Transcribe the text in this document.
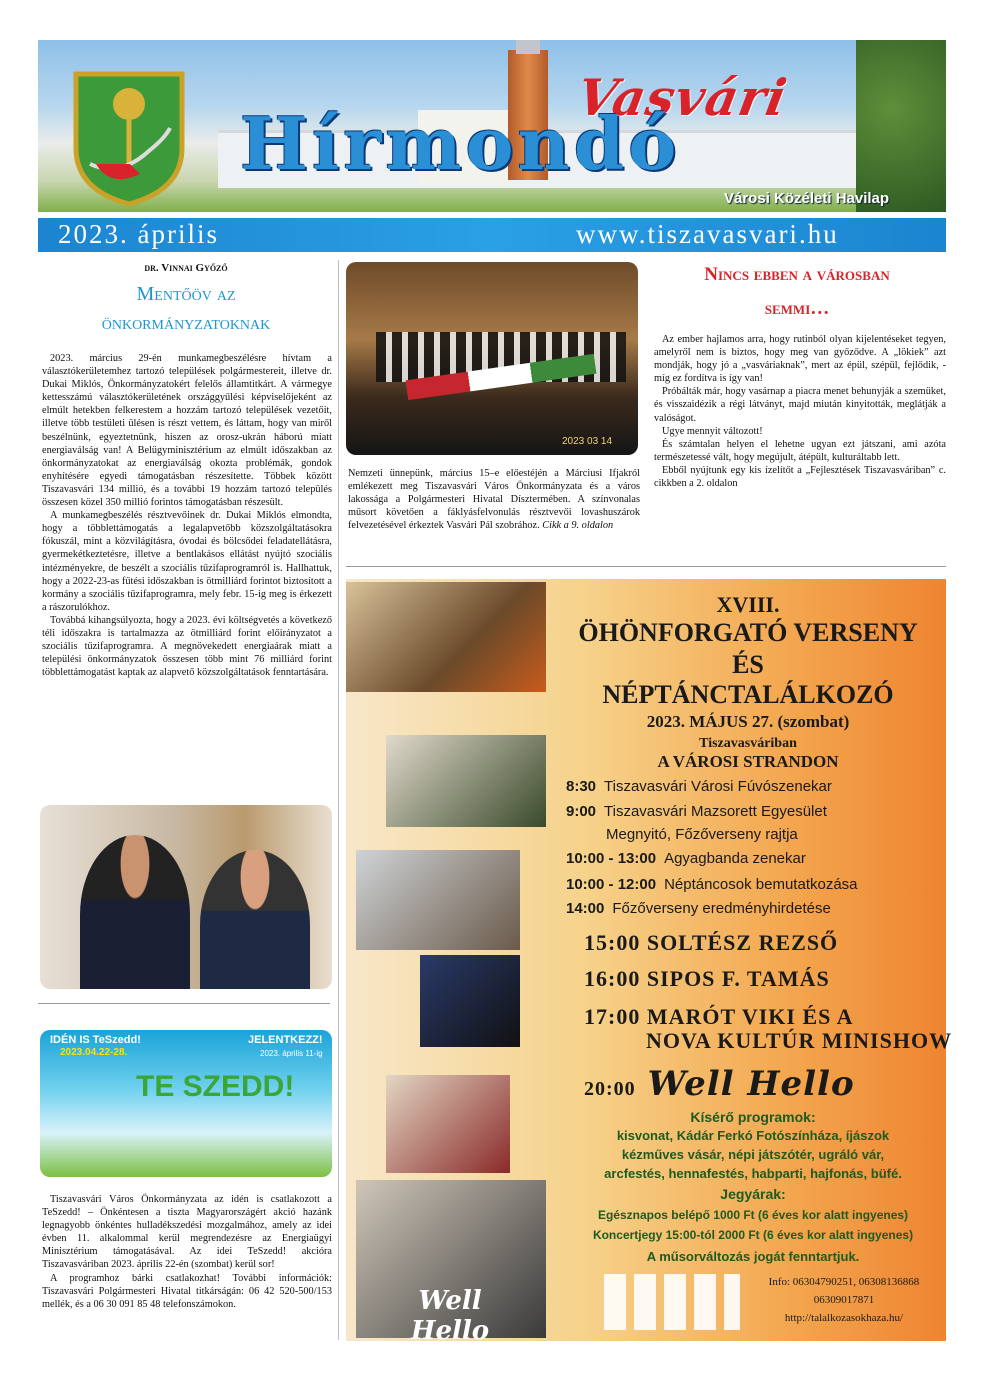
Vasvári
Hírmondó
Városi Közéleti Havilap
2023. április	www.tiszavasvari.hu
dr. Vinnai Győző
Mentőöv az
önkormányzatoknak

2023. március 29-én munkamegbeszélésre hívtam a választókerületemhez tartozó települések polgármestereit, illetve dr. Dukai Miklós, Önkormányzatokért felelős államtitkárt. A vármegye kettesszámú választókerületének országgyűlési képviselőjeként az elmúlt hetekben felkerestem a hozzám tartozó települések vezetőit, illetve több testületi ülésen is részt vettem, és láttam, hogy van miről beszélnünk, egyeztetnünk, hiszen az orosz-ukrán háború miatt energiaválság van! A Belügyminisztérium az elmúlt időszakban az önkormányzatokat az energiaválság okozta problémák, gondok enyhítésére egyedi támogatásban részesítette. Többek között Tiszavasvári 134 millió, és a további 19 hozzám tartozó település összesen közel 350 millió forintos támogatásban részesült.

A munkamegbeszélés résztvevőinek dr. Dukai Miklós elmondta, hogy a többlettámogatás a legalapvetőbb közszolgáltatásokra fókuszál, mint a közvilágításra, óvodai és bölcsődei feladatellátásra, gyermekétkeztetésre, illetve a bentlakásos ellátást nyújtó szociális intézményekre, de beszélt a szociális tűzifaprogramról is. Hallhattuk, hogy a 2022-23-as fűtési időszakban is ötmilliárd forintot biztosított a kormány a szociális tűzifaprogramra, mely febr. 15-ig meg is érkezett a rászorulókhoz.

Továbbá kihangsúlyozta, hogy a 2023. évi költségvetés a következő téli időszakra is tartalmazza az ötmilliárd forint előirányzatot a szociális tűzifaprogramra. A megnövekedett energiaárak miatt a települési önkormányzatok összesen több mint 76 milliárd forint többlettámogatást kaptak az alapvető közszolgáltatások fenntartására.

IDÉN IS TeSzedd!
2023.04.22-28.
JELENTKEZZ!
2023. április 11-ig
TE SZEDD!

Tiszavasvári Város Önkormányzata az idén is csatlakozott a TeSzedd! – Önkéntesen a tiszta Magyarországért akció hazánk legnagyobb önkéntes hulladékszedési mozgalmához, amely az idei évben 11. alkalommal kerül megrendezésre az Energiaügyi Minisztérium támogatásával. Az idei TeSzedd! akcióra Tiszavasváriban 2023. április 22-én (szombat) kerül sor!

A programhoz bárki csatlakozhat! További információk: Tiszavasvári Polgármesteri Hivatal titkárságán: 06 42 520-500/153 mellék, és a 06 30 091 85 48 telefonszámokon.

2023 03 14

Nemzeti ünnepünk, március 15–e előestéjén a Márciusi Ifjakról emlékezett meg Tiszavasvári Város Önkormányzata és a város lakossága a Polgármesteri Hivatal Dísztermében. A színvonalas műsort követően a fáklyásfelvonulás résztvevői lovashuszárok felvezetésével érkeztek Vasvári Pál szobrához. Cikk a 9. oldalon

Nincs ebben a városban
semmi…

Az ember hajlamos arra, hogy rutinból olyan kijelentéseket tegyen, amelyről nem is biztos, hogy meg van győződve. A „lökiek” azt mondják, hogy jó a „vasváriaknak”, mert az épül, szépül, fejlődik, - míg ez fordítva is így van!

Próbálták már, hogy vasárnap a piacra menet behunyják a szemüket, és visszaidézik a régi látványt, majd miután kinyitották, meglátják a valóságot.

Ugye mennyit változott!

És számtalan helyen el lehetne ugyan ezt játszani, ami azóta természetessé vált, hogy megújult, átépült, kulturáltabb lett.

Ebből nyújtunk egy kis ízelítőt a „Fejlesztések Tiszavasváriban” c. cikkben a 2. oldalon

Well Hello
XVIII.
ÖHÖNFORGATÓ VERSENY
ÉS
NÉPTÁNCTALÁLKOZÓ
2023. MÁJUS 27. (szombat)
Tiszavasváriban
A VÁROSI STRANDON
8:30 Tiszavasvári Városi Fúvószenekar
9:00 Tiszavasvári Mazsorett Egyesület
Megnyitó, Főzőverseny rajtja
10:00 - 13:00 Agyagbanda zenekar
10:00 - 12:00 Néptáncosok bemutatkozása
14:00 Főzőverseny eredményhirdetése
15:00 SOLTÉSZ REZSŐ
16:00 SIPOS F. TAMÁS
17:00 MARÓT VIKI ÉS A
NOVA KULTÚR MINISHOW
20:00 Well Hello
Kísérő programok:
kisvonat, Kádár Ferkó Fotószínháza, íjászok
kézműves vásár, népi játszótér, ugráló vár,
arcfestés, hennafestés, habparti, hajfonás, büfé.
Jegyárak:
Egésznapos belépő 1000 Ft (6 éves kor alatt ingyenes)
Koncertjegy 15:00-tól 2000 Ft (6 éves kor alatt ingyenes)
A műsorváltozás jogát fenntartjuk.
Info: 06304790251, 06308136868
06309017871
http://talalkozasokhaza.hu/
